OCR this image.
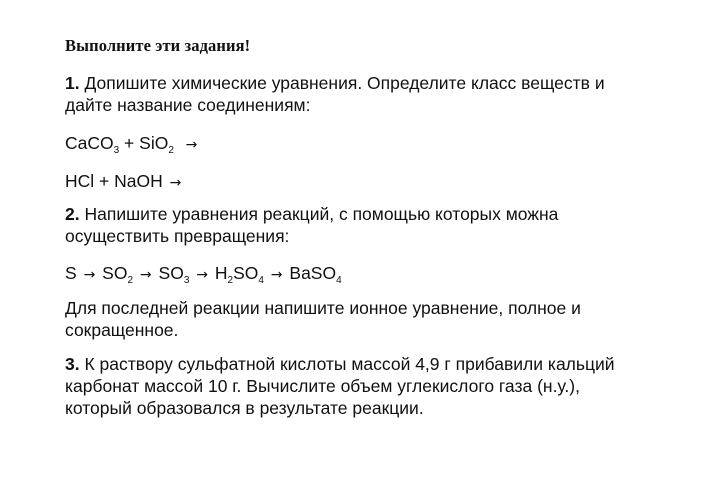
Выполните эти задания!
1. Допишите химические уравнения. Определите класс веществ и
дайте название соединениям:
CaCO$_3$ + SiO$_2$ →
HCl + NaOH →
2. Напишите уравнения реакций, с помощью которых можна
осуществить превращения:
$S \to SO_2 \to SO_3 \to H_2SO_4$ → BaSO$_4$
Для последней реакции напишите ионное уравнение, полное и
сокращенное.
3. К раствору сульфатной кислоты массой 4,9 г прибавили кальций
карбонат массой 10 г. Вычислите объем углекислого газа (н.у.),
который образовался в результате реакции.
